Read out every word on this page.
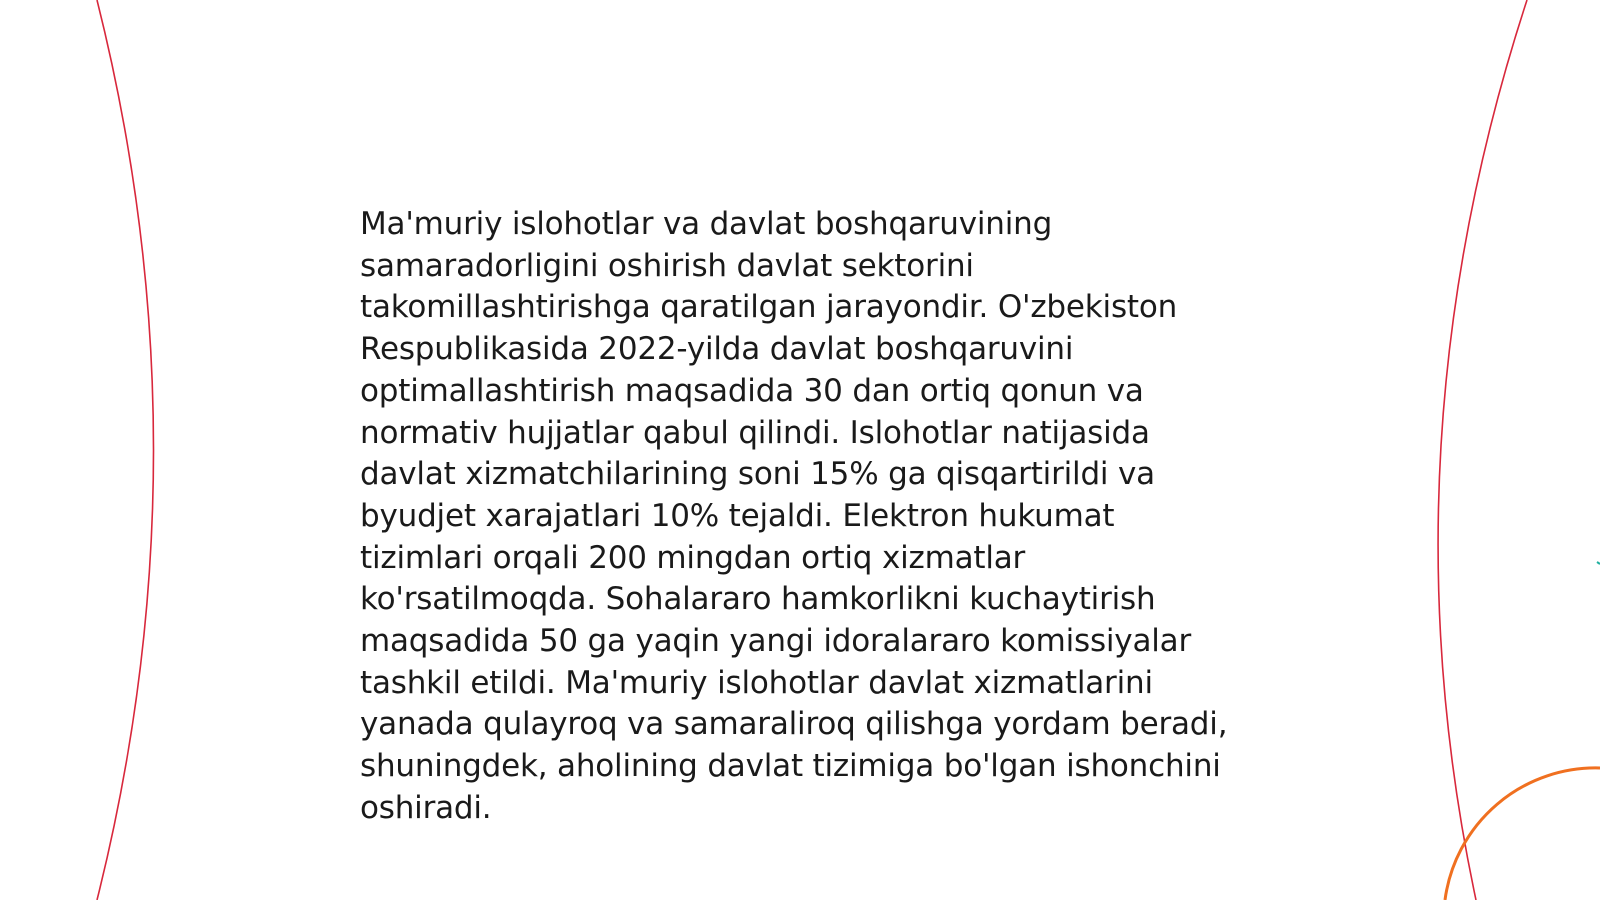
Ma'muriy islohotlar va davlat boshqaruvining samaradorligini oshirish davlat sektorini takomillashtirishga qaratilgan jarayondir. O'zbekiston Respublikasida 2022-yilda davlat boshqaruvini optimallashtirish maqsadida 30 dan ortiq qonun va normativ hujjatlar qabul qilindi. Islohotlar natijasida davlat xizmatchilarining soni 15% ga qisqartirildi va byudjet xarajatlari 10% tejaldi. Elektron hukumat tizimlari orqali 200 mingdan ortiq xizmatlar ko'rsatilmoqda. Sohalararo hamkorlikni kuchaytirish maqsadida 50 ga yaqin yangi idoralararo komissiyalar tashkil etildi. Ma'muriy islohotlar davlat xizmatlarini yanada qulayroq va samaraliroq qilishga yordam beradi, shuningdek, aholining davlat tizimiga bo'lgan ishonchini oshiradi.
